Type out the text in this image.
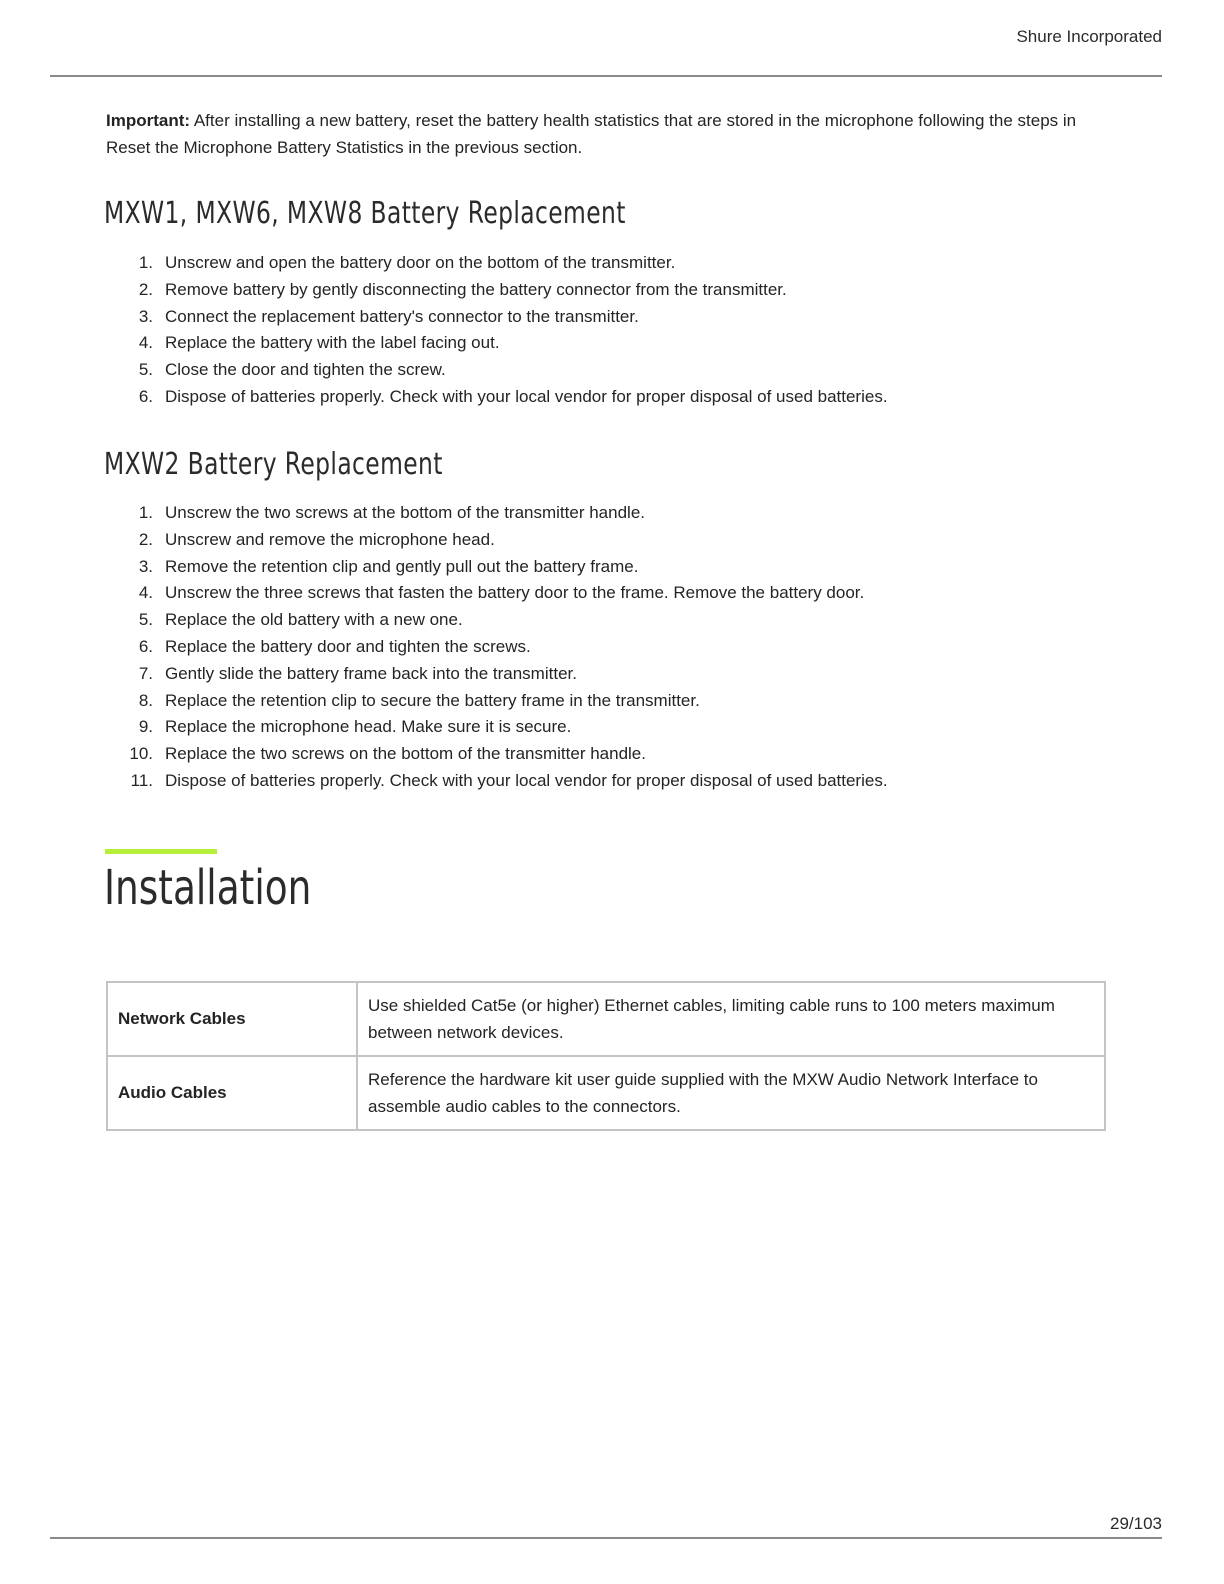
Shure Incorporated

Important: After installing a new battery, reset the battery health statistics that are stored in the microphone following the steps in Reset the Microphone Battery Statistics in the previous section.

MXW1, MXW6, MXW8 Battery Replacement
1. Unscrew and open the battery door on the bottom of the transmitter.
2. Remove battery by gently disconnecting the battery connector from the transmitter.
3. Connect the replacement battery's connector to the transmitter.
4. Replace the battery with the label facing out.
5. Close the door and tighten the screw.
6. Dispose of batteries properly. Check with your local vendor for proper disposal of used batteries.
MXW2 Battery Replacement
1. Unscrew the two screws at the bottom of the transmitter handle.
2. Unscrew and remove the microphone head.
3. Remove the retention clip and gently pull out the battery frame.
4. Unscrew the three screws that fasten the battery door to the frame. Remove the battery door.
5. Replace the old battery with a new one.
6. Replace the battery door and tighten the screws.
7. Gently slide the battery frame back into the transmitter.
8. Replace the retention clip to secure the battery frame in the transmitter.
9. Replace the microphone head. Make sure it is secure.
10. Replace the two screws on the bottom of the transmitter handle.
11. Dispose of batteries properly. Check with your local vendor for proper disposal of used batteries.
Installation
Network Cables	Use shielded Cat5e (or higher) Ethernet cables, limiting cable runs to 100 meters maximum between network devices.
Audio Cables	Reference the hardware kit user guide supplied with the MXW Audio Network Interface to assemble audio cables to the connectors.
29/103
